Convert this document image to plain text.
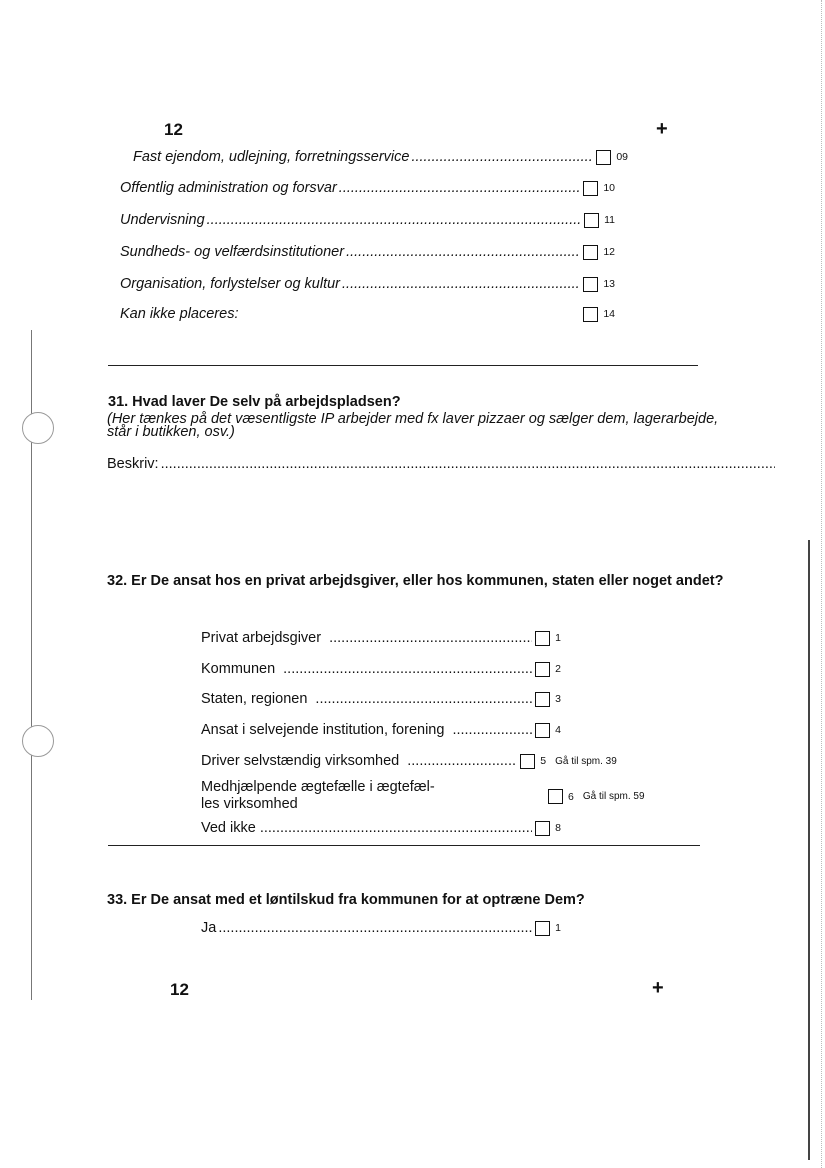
12	+
Fast ejendom, udlejning, forretningsservice .....	09
Offentlig administration og forsvar .....	10
Undervisning .....	11
Sundheds- og velfærdsinstitutioner .....	12
Organisation, forlystelser og kultur .....	13
Kan ikke placeres:	14
31. Hvad laver De selv på arbejdspladsen?
(Her tænkes på det væsentligste IP arbejder med fx laver pizzaer og sælger dem, lagerarbejde,
står i butikken, osv.)
Beskriv:
.....
32. Er De ansat hos en privat arbejdsgiver, eller hos kommunen, staten eller noget andet?
Privat arbejdsgiver .....	1
Kommunen .....	2
Staten, regionen .....	3
Ansat i selvejende institution, forening .....	4
Driver selvstændig virksomhed .....	5 Gå til spm. 39
Medhjælpende ægtefælle i ægtefæl-
les virksomhed	6 Gå til spm. 59
Ved ikke .....	8
33. Er De ansat med et løntilskud fra kommunen for at optræne Dem?
Ja .....	1
12	+
